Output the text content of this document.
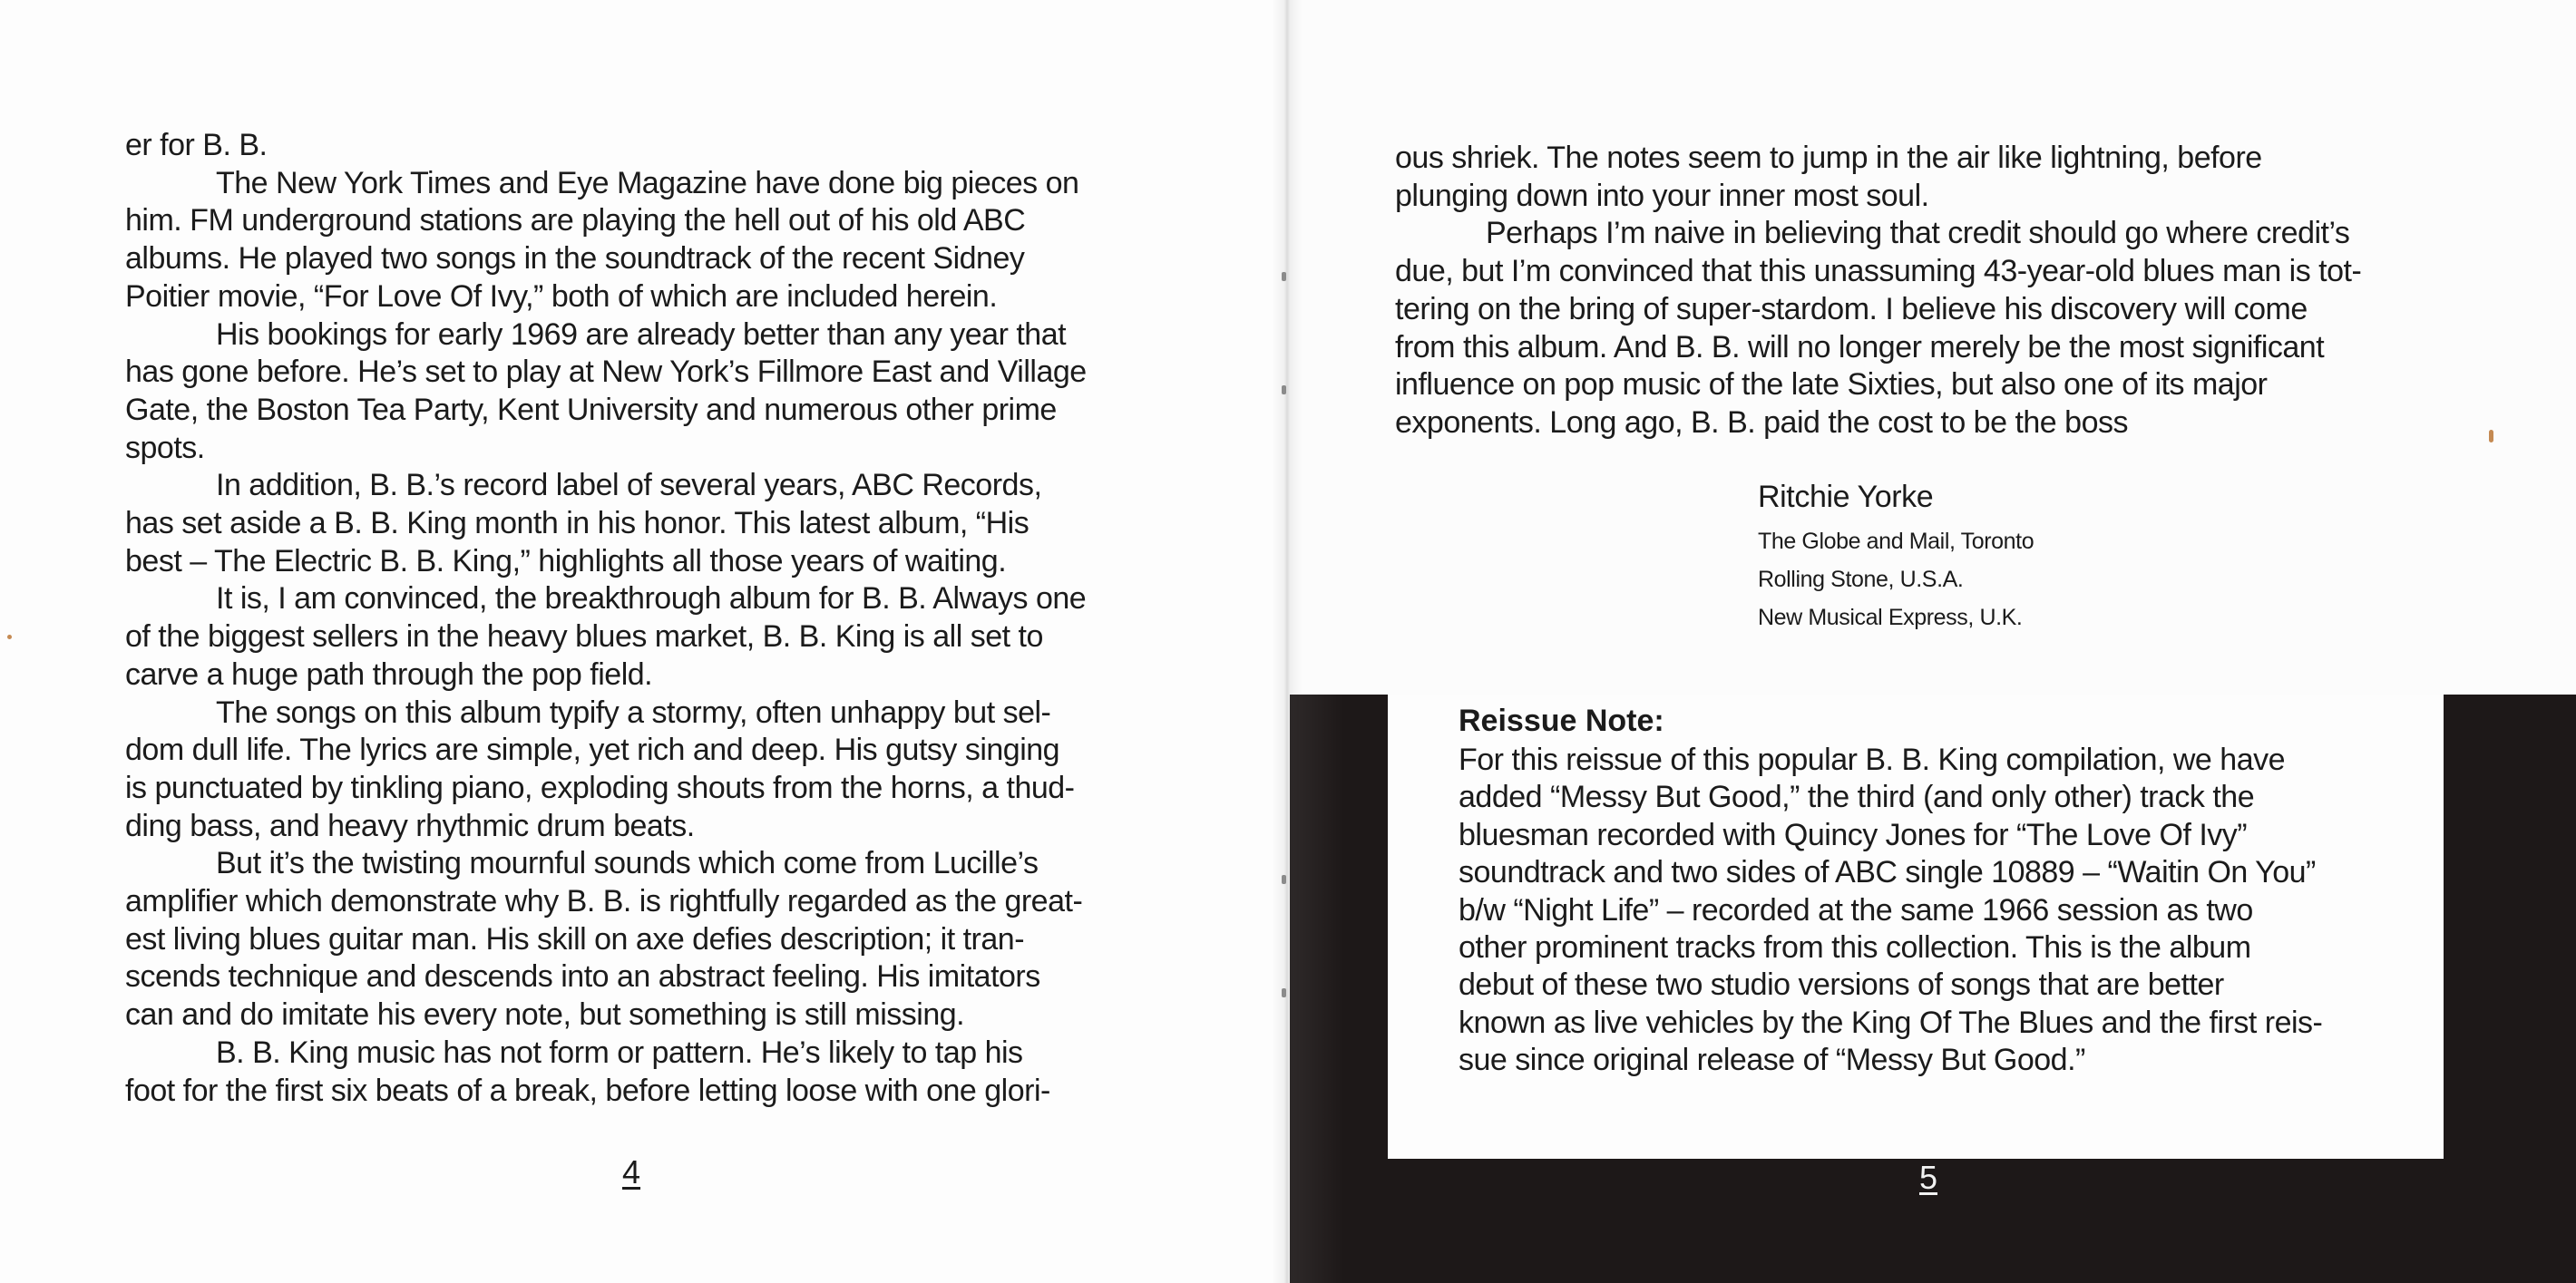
er for B. B.

The New York Times and Eye Magazine have done big pieces on

him. FM underground stations are playing the hell out of his old ABC

albums. He played two songs in the soundtrack of the recent Sidney

Poitier movie, “For Love Of Ivy,” both of which are included herein.

His bookings for early 1969 are already better than any year that

has gone before. He’s set to play at New York’s Fillmore East and Village

Gate, the Boston Tea Party, Kent University and numerous other prime

spots.

In addition, B. B.’s record label of several years, ABC Records,

has set aside a B. B. King month in his honor. This latest album, “His

best – The Electric B. B. King,” highlights all those years of waiting.

It is, I am convinced, the breakthrough album for B. B. Always one

of the biggest sellers in the heavy blues market, B. B. King is all set to

carve a huge path through the pop field.

The songs on this album typify a stormy, often unhappy but sel-

dom dull life. The lyrics are simple, yet rich and deep. His gutsy singing

is punctuated by tinkling piano, exploding shouts from the horns, a thud-

ding bass, and heavy rhythmic drum beats.

But it’s the twisting mournful sounds which come from Lucille’s

amplifier which demonstrate why B. B. is rightfully regarded as the great-

est living blues guitar man. His skill on axe defies description; it tran-

scends technique and descends into an abstract feeling. His imitators

can and do imitate his every note, but something is still missing.

B. B. King music has not form or pattern. He’s likely to tap his

foot for the first six beats of a break, before letting loose with one glori-

4

ous shriek. The notes seem to jump in the air like lightning, before

plunging down into your inner most soul.

Perhaps I’m naive in believing that credit should go where credit’s

due, but I’m convinced that this unassuming 43-year-old blues man is tot-

tering on the bring of super-stardom. I believe his discovery will come

from this album. And B. B. will no longer merely be the most significant

influence on pop music of the late Sixties, but also one of its major

exponents. Long ago, B. B. paid the cost to be the boss

Ritchie Yorke

The Globe and Mail, Toronto

Rolling Stone, U.S.A.

New Musical Express, U.K.

Reissue Note:

For this reissue of this popular B. B. King compilation, we have

added “Messy But Good,” the third (and only other) track the

bluesman recorded with Quincy Jones for “The Love Of Ivy”

soundtrack and two sides of ABC single 10889 – “Waitin On You”

b/w “Night Life” – recorded at the same 1966 session as two

other prominent tracks from this collection. This is the album

debut of these two studio versions of songs that are better

known as live vehicles by the King Of The Blues and the first reis-

sue since original release of “Messy But Good.”

5
